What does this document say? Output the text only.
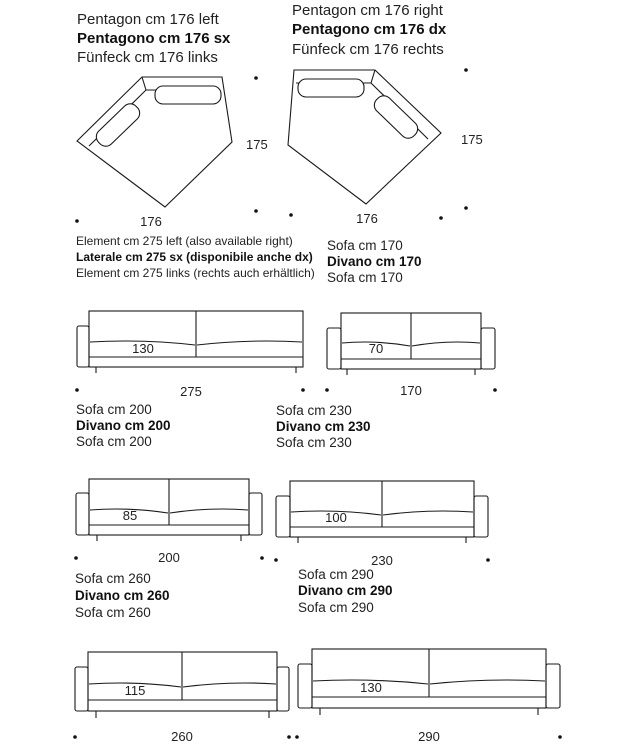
Pentagon cm 176 left
Pentagono cm 176 sx
Fünfeck cm 176 links
175
176
Pentagon cm 176 right
Pentagono cm 176 dx
Fünfeck cm 176 rechts
175
176
Element cm 275 left (also available right)
Laterale cm 275 sx (disponibile anche dx)
Element cm 275 links (rechts auch erhältlich)
130
275
Sofa cm 170
Divano cm 170
Sofa cm 170
70
170
Sofa cm 200
Divano cm 200
Sofa cm 200
85
200
Sofa cm 230
Divano cm 230
Sofa cm 230
100
230
Sofa cm 260
Divano cm 260
Sofa cm 260
115
260
Sofa cm 290
Divano cm 290
Sofa cm 290
130
290
